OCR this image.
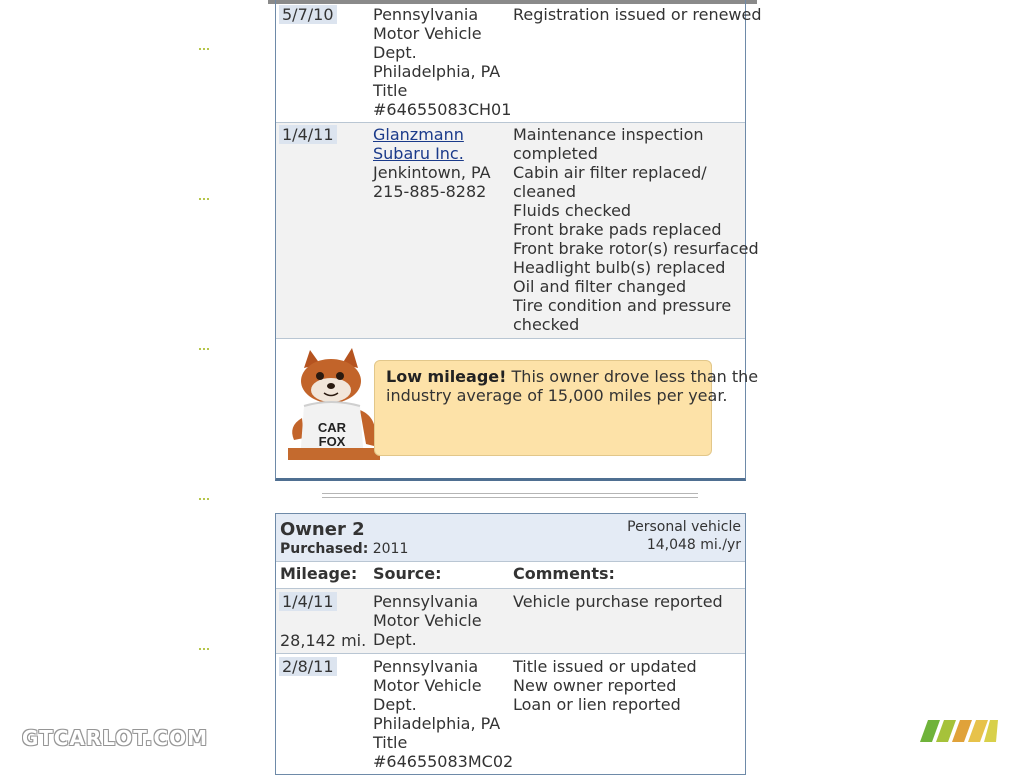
5/7/10 Pennsylvania
Motor Vehicle
Dept.
Philadelphia, PA
Title
#64655083CH01
Registration issued or renewed
1/4/11 Glanzmann
Subaru Inc.
Jenkintown, PA
215-885-8282
Maintenance inspection
completed
Cabin air filter replaced/
cleaned
Fluids checked
Front brake pads replaced
Front brake rotor(s) resurfaced
Headlight bulb(s) replaced
Oil and filter changed
Tire condition and pressure
checked
CAR
FOX
Low mileage! This owner drove less than the
industry average of 15,000 miles per year.
Owner 2
Purchased: 2011
Personal vehicle
14,048 mi./yr
Mileage: Source:	Comments:
1/4/11
28,142 mi.
Pennsylvania
Motor Vehicle
Dept.
Vehicle purchase reported
2/8/11 Pennsylvania
Motor Vehicle
Dept.
Philadelphia, PA
Title
#64655083MC02
Title issued or updated
New owner reported
Loan or lien reported
GTCARLOT.COM
